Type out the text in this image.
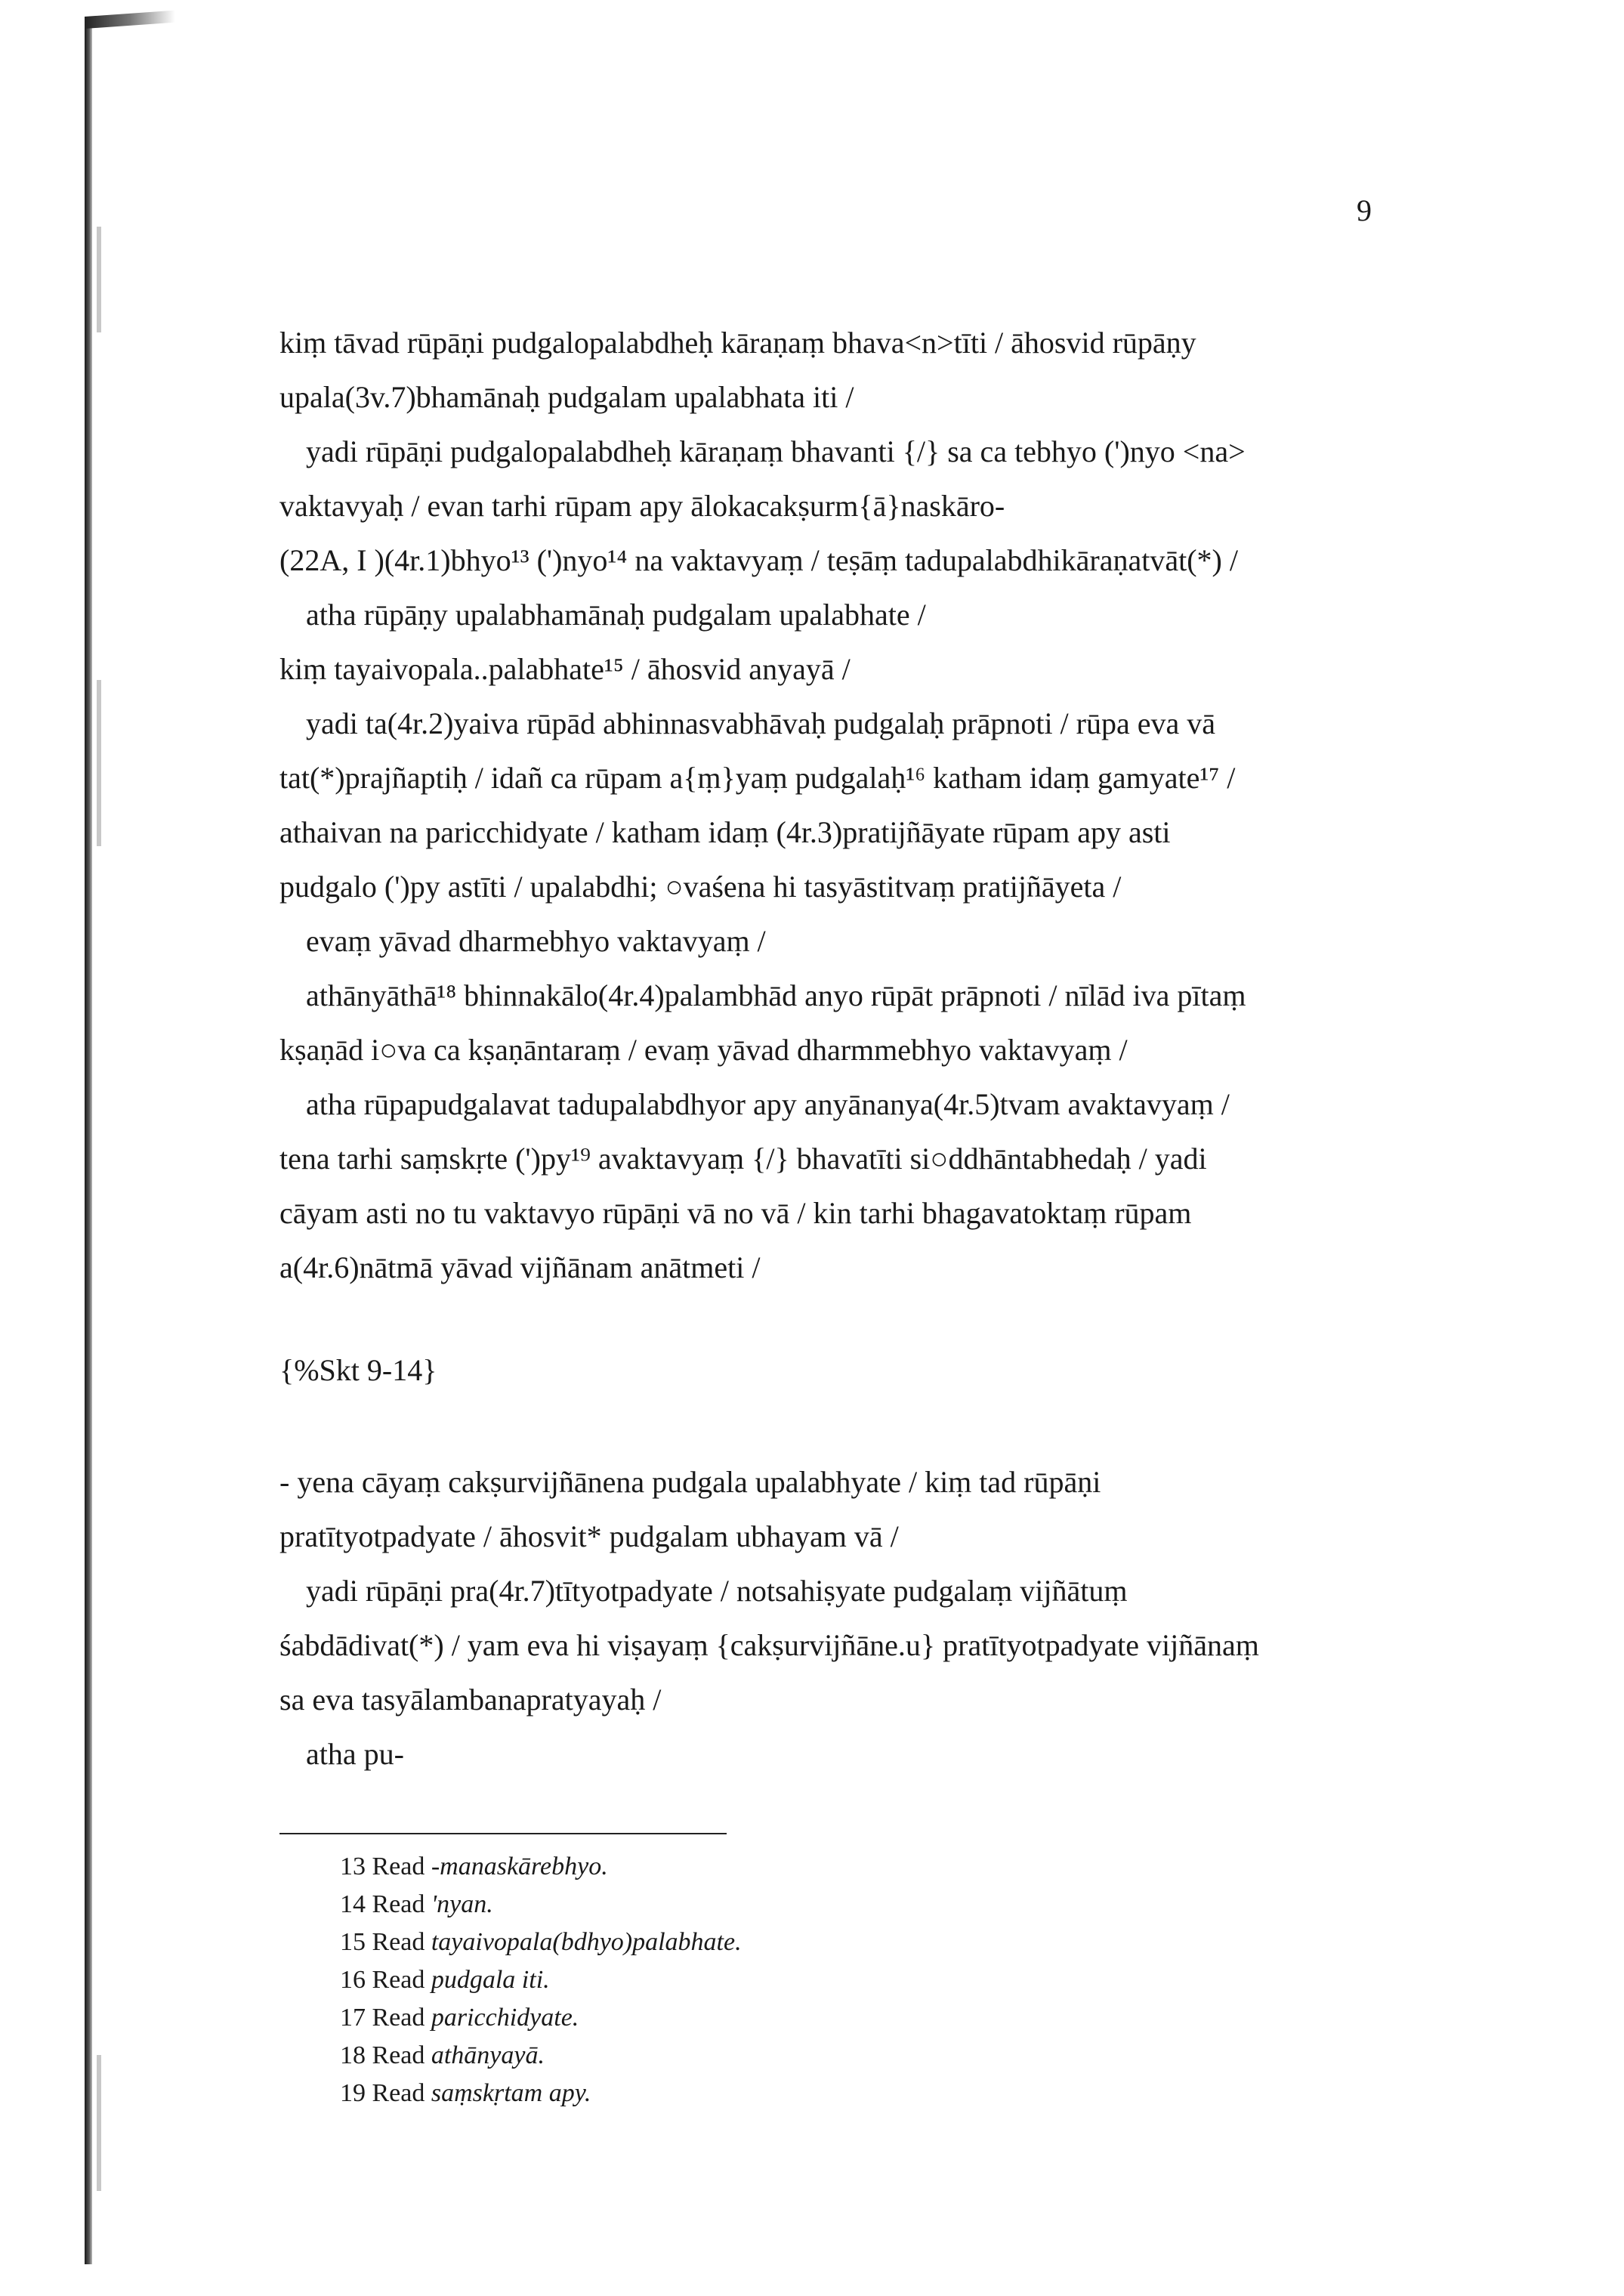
9
kiṃ tāvad rūpāṇi pudgalopalabdheḥ kāraṇaṃ bhava<n>tīti / āhosvid rūpāṇy
upala(3v.7)bhamānaḥ pudgalam upalabhata iti /
yadi rūpāṇi pudgalopalabdheḥ kāraṇaṃ bhavanti {/} sa ca tebhyo (')nyo <na>
vaktavyaḥ / evan tarhi rūpam apy ālokacakṣurm{ā}naskāro-
(22A, I )(4r.1)bhyo¹³ (')nyo¹⁴ na vaktavyaṃ / teṣāṃ tadupalabdhikāraṇatvāt(*) /
atha rūpāṇy upalabhamānaḥ pudgalam upalabhate /
kiṃ tayaivopala..palabhate¹⁵ / āhosvid anyayā /
yadi ta(4r.2)yaiva rūpād abhinnasvabhāvaḥ pudgalaḥ prāpnoti / rūpa eva vā
tat(*)prajñaptiḥ / idañ ca rūpam a{ṃ}yaṃ pudgalaḥ¹⁶ katham idaṃ gamyate¹⁷ /
athaivan na paricchidyate / katham idaṃ (4r.3)pratijñāyate rūpam apy asti
pudgalo (')py astīti / upalabdhi; ○vaśena hi tasyāstitvaṃ pratijñāyeta /
evaṃ yāvad dharmebhyo vaktavyaṃ /
athānyāthā¹⁸ bhinnakālo(4r.4)palambhād anyo rūpāt prāpnoti / nīlād iva pītaṃ
kṣaṇād i○va ca kṣaṇāntaraṃ / evaṃ yāvad dharmmebhyo vaktavyaṃ /
atha rūpapudgalavat tadupalabdhyor apy anyānanya(4r.5)tvam avaktavyaṃ /
tena tarhi saṃskṛte (')py¹⁹ avaktavyaṃ {/} bhavatīti si○ddhāntabhedaḥ / yadi
cāyam asti no tu vaktavyo rūpāṇi vā no vā / kin tarhi bhagavatoktaṃ rūpam
a(4r.6)nātmā yāvad vijñānam anātmeti /
{%Skt 9-14}
- yena cāyaṃ cakṣurvijñānena pudgala upalabhyate / kiṃ tad rūpāṇi
pratītyotpadyate / āhosvit* pudgalam ubhayam vā /
yadi rūpāṇi pra(4r.7)tītyotpadyate / notsahiṣyate pudgalaṃ vijñātuṃ
śabdādivat(*) / yam eva hi viṣayaṃ {cakṣurvijñāne.u} pratītyotpadyate vijñānaṃ
sa eva tasyālambanapratyayaḥ /
atha pu-
13 Read -manaskārebhyo.
14 Read 'nyan.
15 Read tayaivopala(bdhyo)palabhate.
16 Read pudgala iti.
17 Read paricchidyate.
18 Read athānyayā.
19 Read saṃskṛtam apy.
